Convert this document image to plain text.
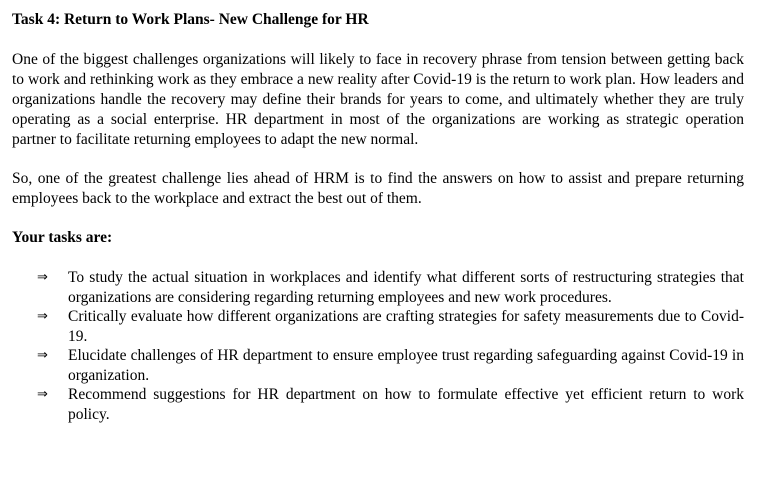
Task 4: Return to Work Plans- New Challenge for HR

One of the biggest challenges organizations will likely to face in recovery phrase from tension between getting back to work and rethinking work as they embrace a new reality after Covid-19 is the return to work plan. How leaders and organizations handle the recovery may define their brands for years to come, and ultimately whether they are truly operating as a social enterprise. HR department in most of the organizations are working as strategic operation partner to facilitate returning employees to adapt the new normal.

So, one of the greatest challenge lies ahead of HRM is to find the answers on how to assist and prepare returning employees back to the workplace and extract the best out of them.

Your tasks are:
⇒ To study the actual situation in workplaces and identify what different sorts of restructuring strategies that organizations are considering regarding returning employees and new work procedures.
⇒ Critically evaluate how different organizations are crafting strategies for safety measurements due to Covid-19.
⇒ Elucidate challenges of HR department to ensure employee trust regarding safeguarding against Covid-19 in organization.
⇒ Recommend suggestions for HR department on how to formulate effective yet efficient return to work policy.
